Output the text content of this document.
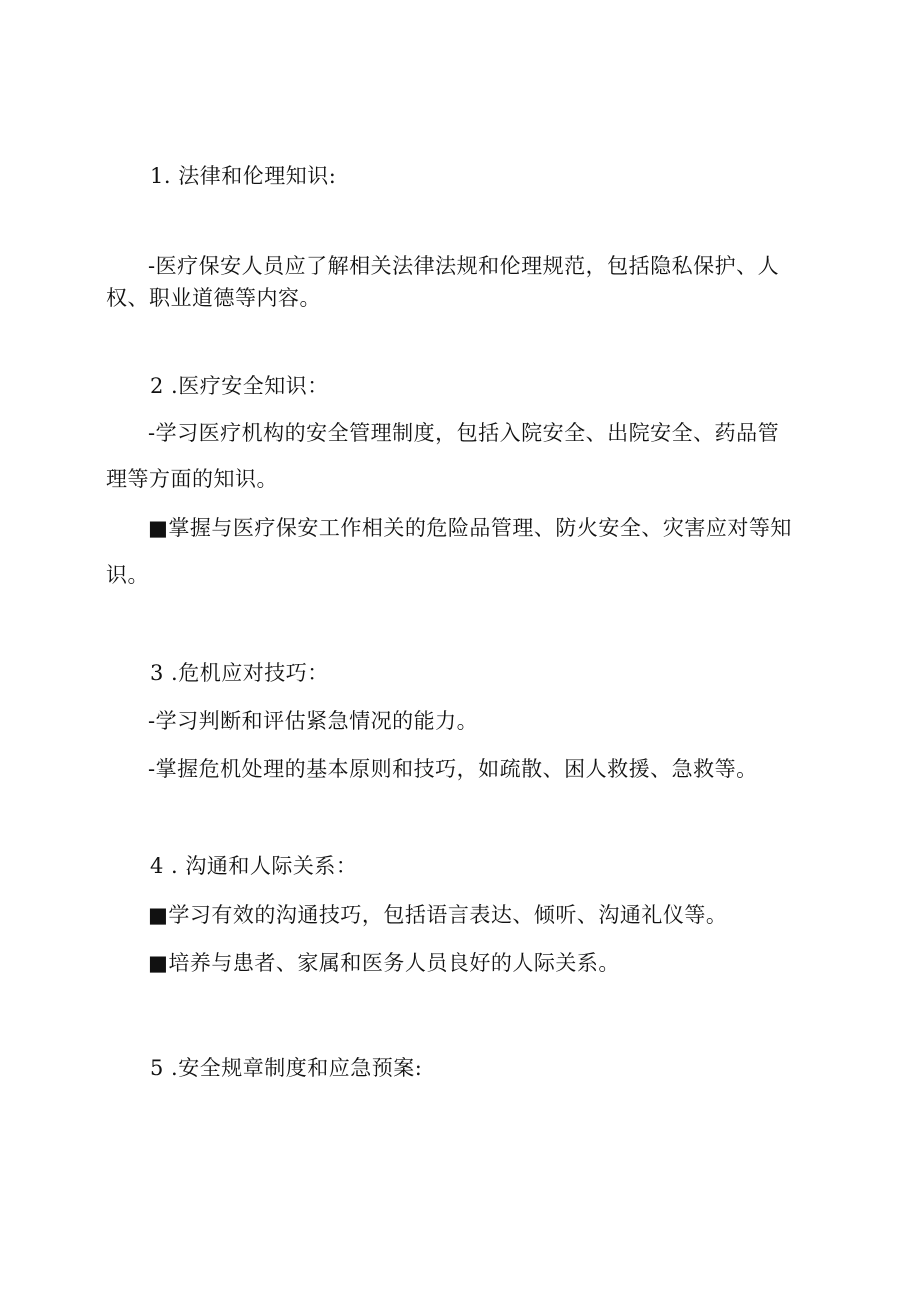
1. 法律和伦理知识:
-医疗保安人员应了解相关法律法规和伦理规范，包括隐私保护、人
权、职业道德等内容。
2 .医疗安全知识：
-学习医疗机构的安全管理制度，包括入院安全、出院安全、药品管
理等方面的知识。
■掌握与医疗保安工作相关的危险品管理、防火安全、灾害应对等知
识。
3 .危机应对技巧：
-学习判断和评估紧急情况的能力。
-掌握危机处理的基本原则和技巧，如疏散、困人救援、急救等。
4 . 沟通和人际关系：
■学习有效的沟通技巧，包括语言表达、倾听、沟通礼仪等。
■培养与患者、家属和医务人员良好的人际关系。
5 .安全规章制度和应急预案:
